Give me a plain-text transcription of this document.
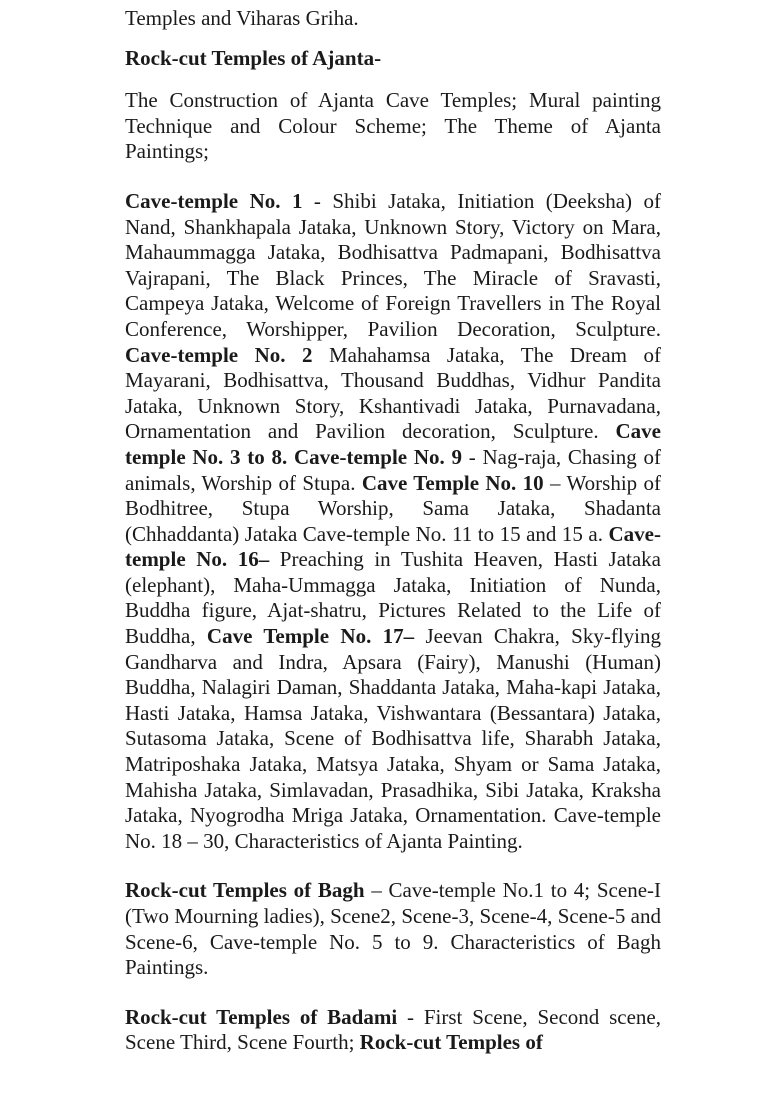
Temples and Viharas Griha.

Rock-cut Temples of Ajanta-

The Construction of Ajanta Cave Temples; Mural painting Technique and Colour Scheme; The Theme of Ajanta Paintings;

Cave-temple No. 1 - Shibi Jataka, Initiation (Deeksha) of Nand, Shankhapala Jataka, Unknown Story, Victory on Mara, Mahaummagga Jataka, Bodhisattva Padmapani, Bodhisattva Vajrapani, The Black Princes, The Miracle of Sravasti, Campeya Jataka, Welcome of Foreign Travellers in The Royal Conference, Worshipper, Pavilion Decoration, Sculpture. Cave-temple No. 2 Mahahamsa Jataka, The Dream of Mayarani, Bodhisattva, Thousand Buddhas, Vidhur Pandita Jataka, Unknown Story, Kshantivadi Jataka, Purnavadana, Ornamentation and Pavilion decoration, Sculpture. Cave temple No. 3 to 8. Cave-temple No. 9 - Nag-raja, Chasing of animals, Worship of Stupa. Cave Temple No. 10 – Worship of Bodhitree, Stupa Worship, Sama Jataka, Shadanta (Chhaddanta) Jataka Cave-temple No. 11 to 15 and 15 a. Cave-temple No. 16– Preaching in Tushita Heaven, Hasti Jataka (elephant), Maha-Ummagga Jataka, Initiation of Nunda, Buddha figure, Ajat-shatru, Pictures Related to the Life of Buddha, Cave Temple No. 17– Jeevan Chakra, Sky-flying Gandharva and Indra, Apsara (Fairy), Manushi (Human) Buddha, Nalagiri Daman, Shaddanta Jataka, Maha-kapi Jataka, Hasti Jataka, Hamsa Jataka, Vishwantara (Bessantara) Jataka, Sutasoma Jataka, Scene of Bodhisattva life, Sharabh Jataka, Matriposhaka Jataka, Matsya Jataka, Shyam or Sama Jataka, Mahisha Jataka, Simlavadan, Prasadhika, Sibi Jataka, Kraksha Jataka, Nyogrodha Mriga Jataka, Ornamentation. Cave-temple No. 18 – 30, Characteristics of Ajanta Painting.

Rock-cut Temples of Bagh – Cave-temple No.1 to 4; Scene-I (Two Mourning ladies), Scene2, Scene-3, Scene-4, Scene-5 and Scene-6, Cave-temple No. 5 to 9. Characteristics of Bagh Paintings.

Rock-cut Temples of Badami - First Scene, Second scene, Scene Third, Scene Fourth; Rock-cut Temples of
